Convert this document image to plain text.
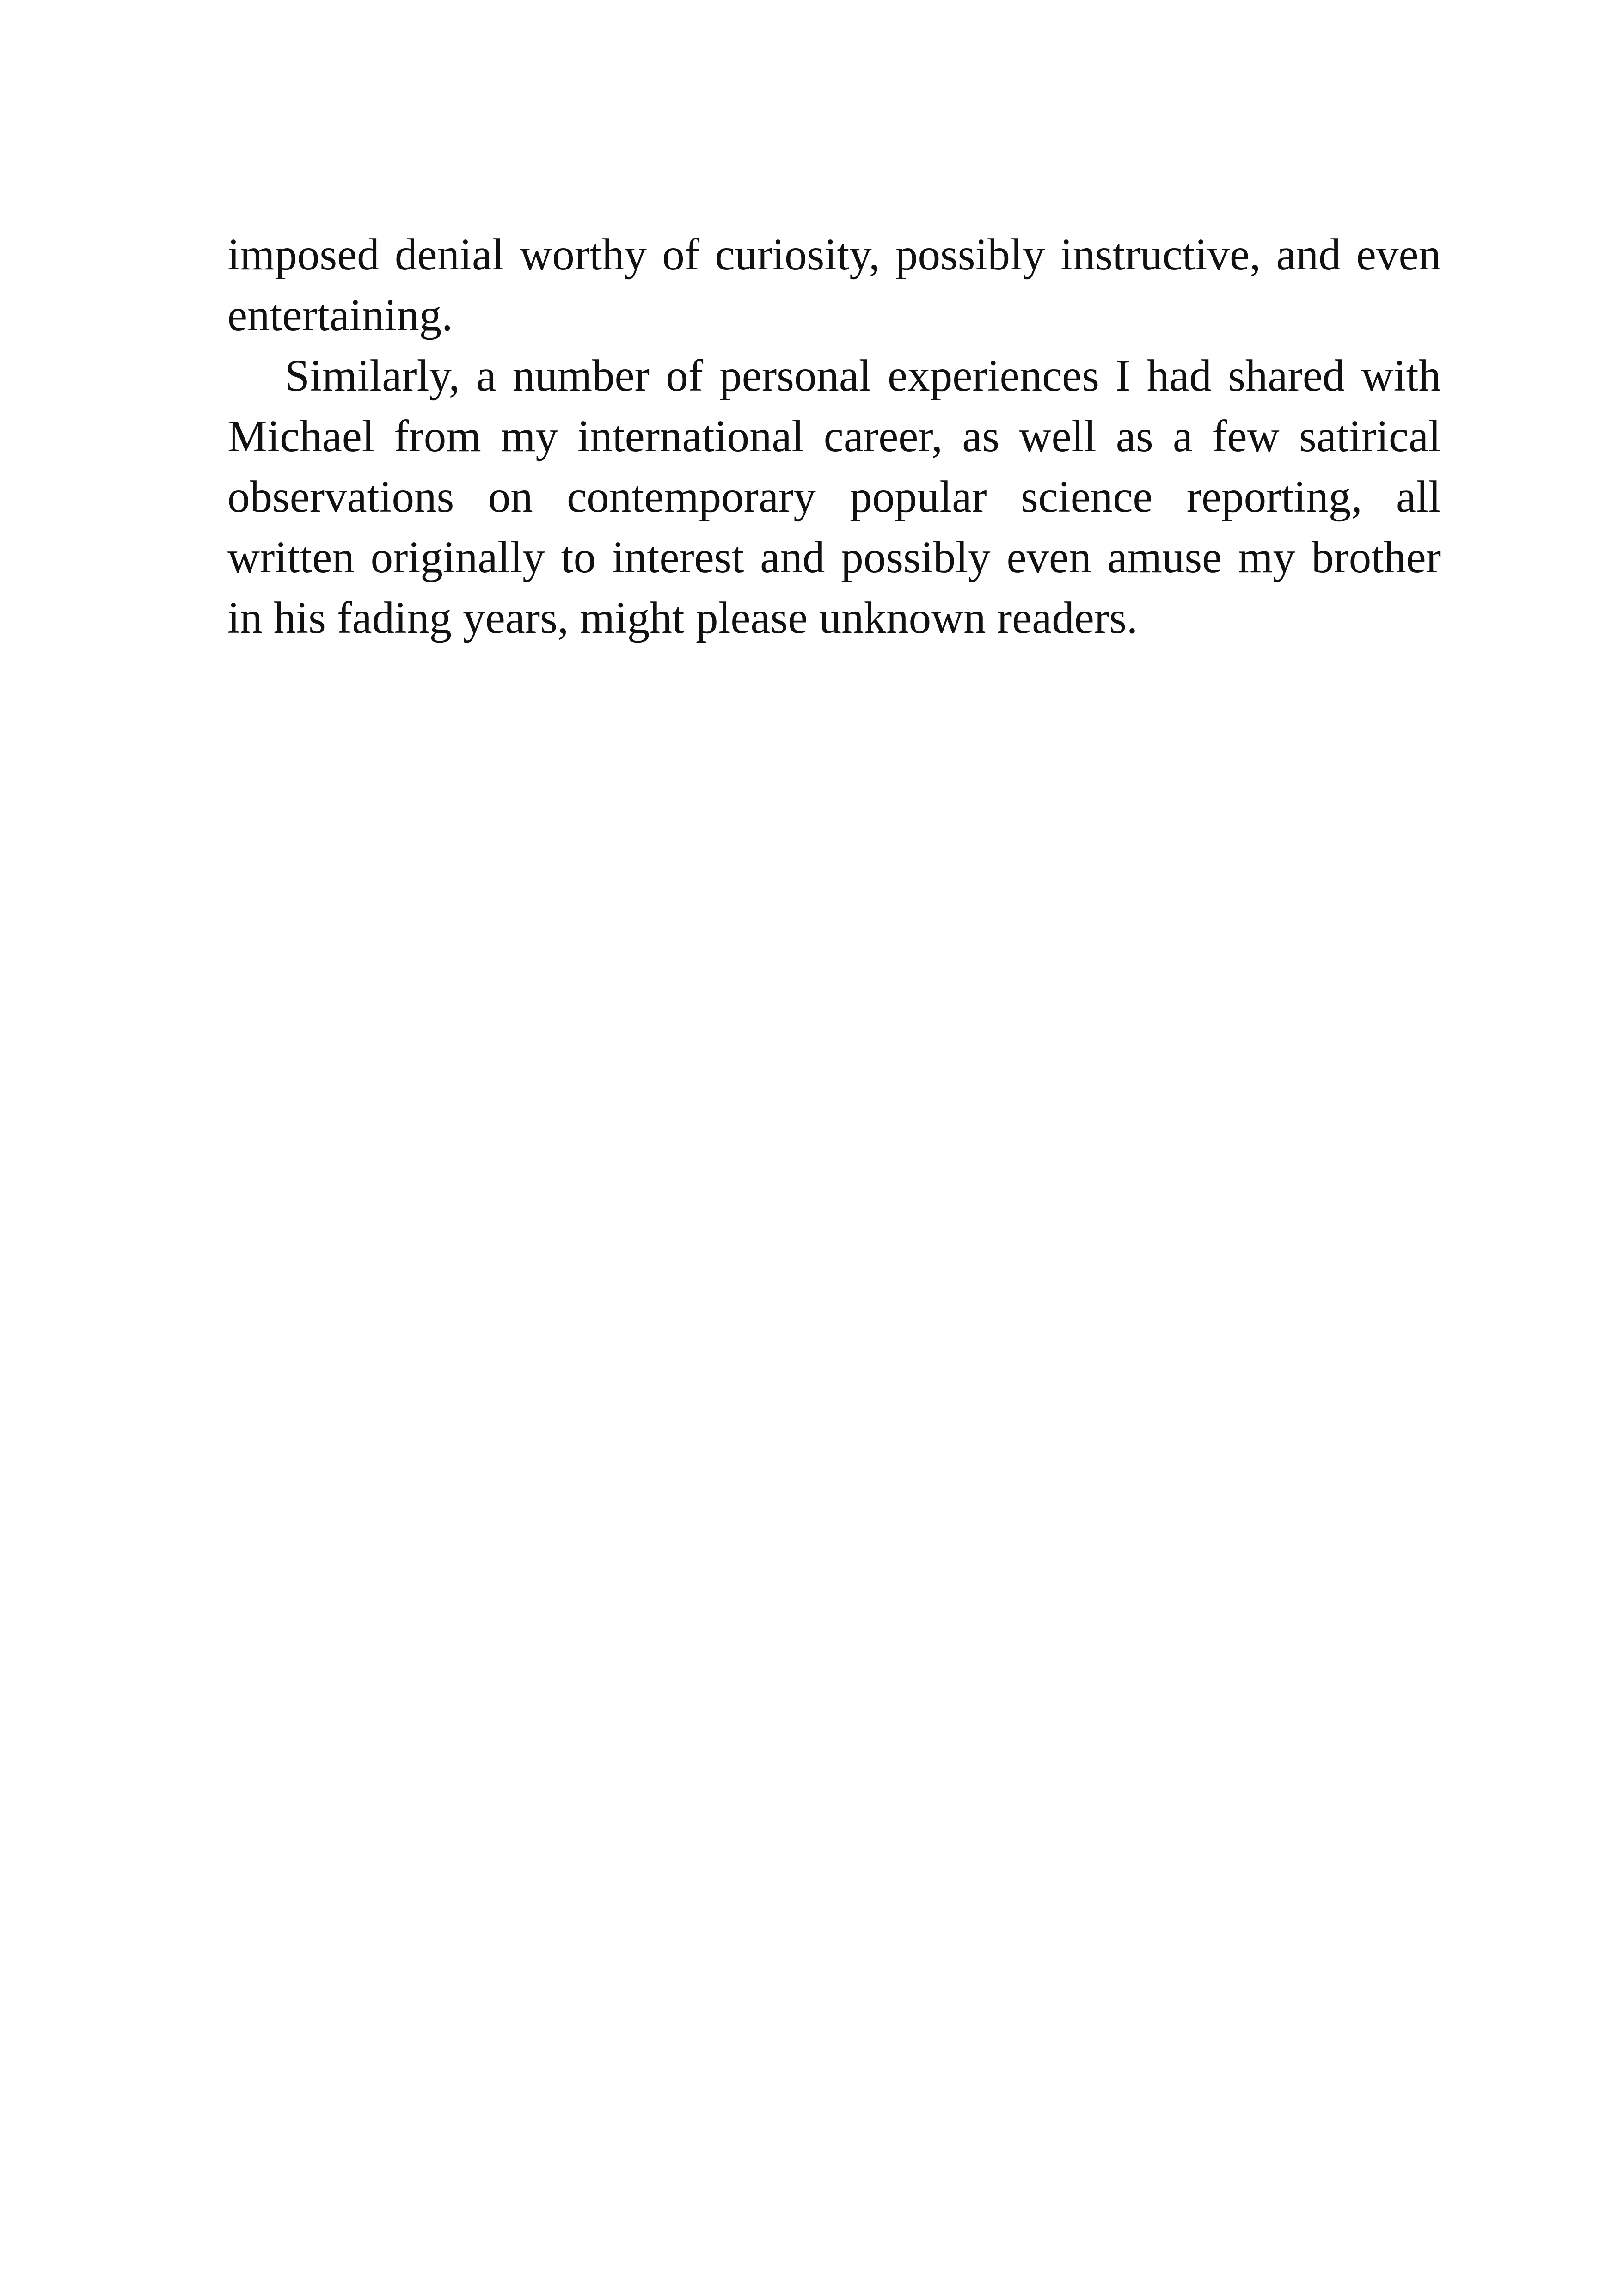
imposed denial worthy of curiosity, possibly instructive, and even entertaining.

Similarly, a number of personal experiences I had shared with Michael from my international career, as well as a few satirical observations on contemporary popular science reporting, all written originally to interest and possibly even amuse my brother in his fading years, might please unknown readers.
